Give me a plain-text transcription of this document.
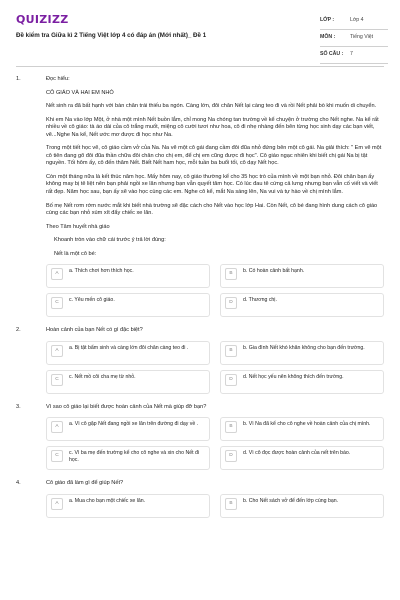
QUIZIZZ
Đề kiểm tra Giữa kì 2 Tiếng Việt lớp 4 có đáp án (Mới nhất)_ Đề 1
LỚP :	Lớp 4
MÔN :	Tiếng Việt
SỐ CÂU :	7
1.	Đọc hiểu:

CÔ GIÁO VÀ HAI EM NHỎ

Nết sinh ra đã bất hạnh với bàn chân trái thiếu ba ngón. Càng lớn, đôi chân Nết lại càng teo đi và rồi Nết phải bò khi muốn di chuyển.

Khi em Na vào lớp Một, ở nhà một mình Nết buồn lắm, chỉ mong Na chóng tan trường về kể chuyện ở trường cho Nết nghe. Na kể rất nhiều về cô giáo: tà áo dài của cô trắng muốt, miệng cô cười tươi như hoa, cô đi nhẹ nhàng đến bên từng học sinh dạy các bạn viết, vẽ...Nghe Na kể, Nết ước mơ được đi học như Na.

Trong một tiết học vẽ, cô giáo cầm vở của Na. Na vẽ một cô gái đang cầm đôi đũa nhỏ đứng bên một cô gái. Na giải thích: " Em vẽ một cô tiên đang gõ đôi đũa thần chữa đôi chân cho chị em, để chị em cũng được đi học". Cô giáo ngạc nhiên khi biết chị gái Na bị tật nguyền. Tối hôm ấy, cô đến thăm Nết. Biết Nết ham học, mỗi tuần ba buổi tối, cô dạy Nết học.

Còn một tháng nữa là kết thúc năm học. Mấy hôm nay, cô giáo thường kể cho 35 học trò của mình về một bạn nhỏ. Đôi chân bạn ấy không may bị tê liệt nên bạn phải ngồi xe lăn nhưng bạn vẫn quyết tâm học. Có lúc đau tê cứng cả lưng nhưng bạn vẫn cố viết và viết rất đẹp. Năm học sau, bạn ấy sẽ vào học cùng các em. Nghe cô kể, mắt Na sáng lên, Na vui và tự hào về chị mình lắm.

Bố mẹ Nết rơm rớm nước mắt khi biết nhà trường sẽ đặc cách cho Nết vào học lớp Hai. Còn Nết, cô bé đang hình dung cách cô giáo cùng các bạn nhỏ xúm xít đẩy chiếc xe lăn.

Theo Tâm huyết nhà giáo

Khoanh tròn vào chữ cái trước ý trả lời đúng:

Nết là một cô bé:

A	a. Thích chơi hơn thích học.	B	b. Có hoàn cảnh bất hạnh.
C	c. Yêu mến cô giáo.	D	d. Thương chị.
2.	Hoàn cảnh của bạn Nết có gì đặc biệt?
A	a. Bị tật bẩm sinh và càng lớn đôi chân càng teo đi .	B	b. Gia đình Nết khó khăn không cho bạn đến trường.
C	c. Nết mồ côi cha mẹ từ nhỏ.	D	d. Nết học yếu nên không thích đến trường.
3.	Vì sao cô giáo lại biết được hoàn cảnh của Nết mà giúp đỡ bạn?
A	a. Vì cô gặp Nết đang ngồi xe lăn trên đường đi dạy về .	B	b. Vì Na đã kể cho cô nghe về hoàn cảnh của chị mình.
C	c. Vì ba mẹ đến trường kể cho cô nghe và xin cho Nết đi học.
D	d. Vì cô đọc được hoàn cảnh của nết trên báo.
4.	Cô giáo đã làm gì để giúp Nết?
A	a. Mua cho bạn một chiếc xe lăn.	B	b. Cho Nết sách vở để đến lớp cùng bạn.
